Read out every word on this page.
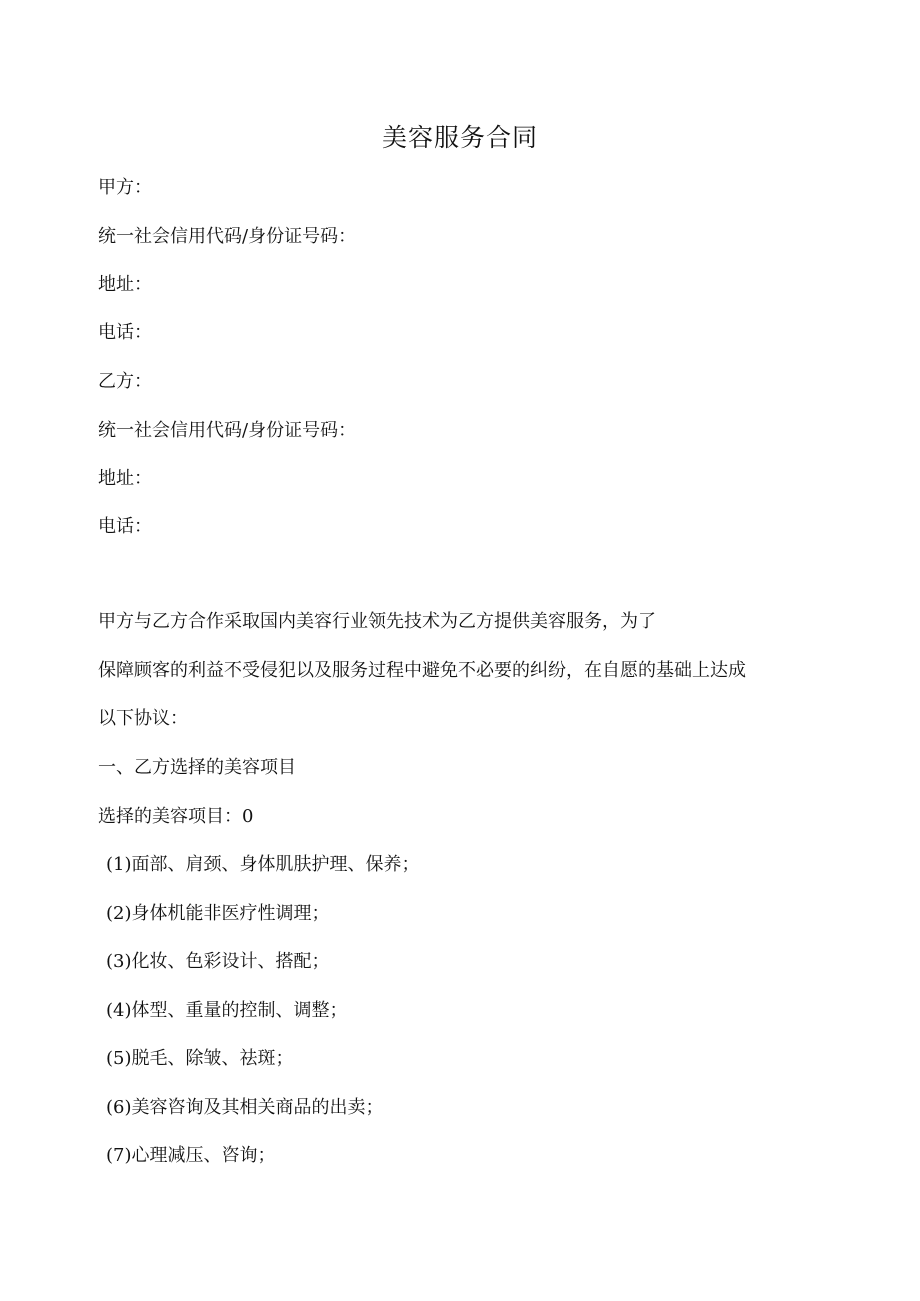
美容服务合同
甲方：
统一社会信用代码/身份证号码：
地址：
电话：
乙方：
统一社会信用代码/身份证号码：
地址：
电话：
甲方与乙方合作采取国内美容行业领先技术为乙方提供美容服务，为了
保障顾客的利益不受侵犯以及服务过程中避免不必要的纠纷，在自愿的基础上达成
以下协议：
一、乙方选择的美容项目
选择的美容项目：0
(1)面部、肩颈、身体肌肤护理、保养；
(2)身体机能非医疗性调理；
(3)化妆、色彩设计、搭配；
(4)体型、重量的控制、调整；
(5)脱毛、除皱、祛斑；
(6)美容咨询及其相关商品的出卖；
(7)心理减压、咨询；
